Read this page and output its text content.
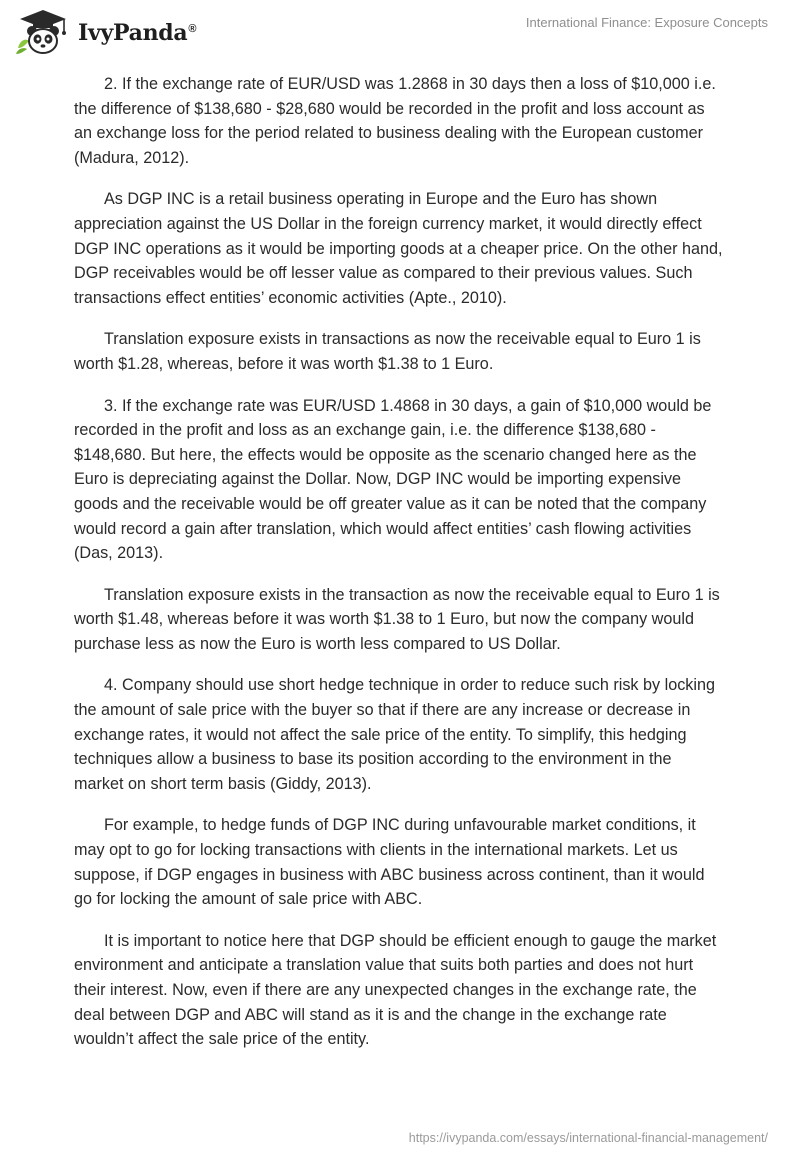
IvyPanda®	International Finance: Exposure Concepts

2. If the exchange rate of EUR/USD was 1.2868 in 30 days then a loss of $10,000 i.e. the difference of $138,680 - $28,680 would be recorded in the profit and loss account as an exchange loss for the period related to business dealing with the European customer (Madura, 2012).

As DGP INC is a retail business operating in Europe and the Euro has shown appreciation against the US Dollar in the foreign currency market, it would directly effect DGP INC operations as it would be importing goods at a cheaper price. On the other hand, DGP receivables would be off lesser value as compared to their previous values. Such transactions effect entities’ economic activities (Apte., 2010).

Translation exposure exists in transactions as now the receivable equal to Euro 1 is worth $1.28, whereas, before it was worth $1.38 to 1 Euro.

3. If the exchange rate was EUR/USD 1.4868 in 30 days, a gain of $10,000 would be recorded in the profit and loss as an exchange gain, i.e. the difference $138,680 - $148,680. But here, the effects would be opposite as the scenario changed here as the Euro is depreciating against the Dollar. Now, DGP INC would be importing expensive goods and the receivable would be off greater value as it can be noted that the company would record a gain after translation, which would affect entities’ cash flowing activities (Das, 2013).

Translation exposure exists in the transaction as now the receivable equal to Euro 1 is worth $1.48, whereas before it was worth $1.38 to 1 Euro, but now the company would purchase less as now the Euro is worth less compared to US Dollar.

4. Company should use short hedge technique in order to reduce such risk by locking the amount of sale price with the buyer so that if there are any increase or decrease in exchange rates, it would not affect the sale price of the entity. To simplify, this hedging techniques allow a business to base its position according to the environment in the market on short term basis (Giddy, 2013).

For example, to hedge funds of DGP INC during unfavourable market conditions, it may opt to go for locking transactions with clients in the international markets. Let us suppose, if DGP engages in business with ABC business across continent, than it would go for locking the amount of sale price with ABC.

It is important to notice here that DGP should be efficient enough to gauge the market environment and anticipate a translation value that suits both parties and does not hurt their interest. Now, even if there are any unexpected changes in the exchange rate, the deal between DGP and ABC will stand as it is and the change in the exchange rate wouldn’t affect the sale price of the entity.

https://ivypanda.com/essays/international-financial-management/
